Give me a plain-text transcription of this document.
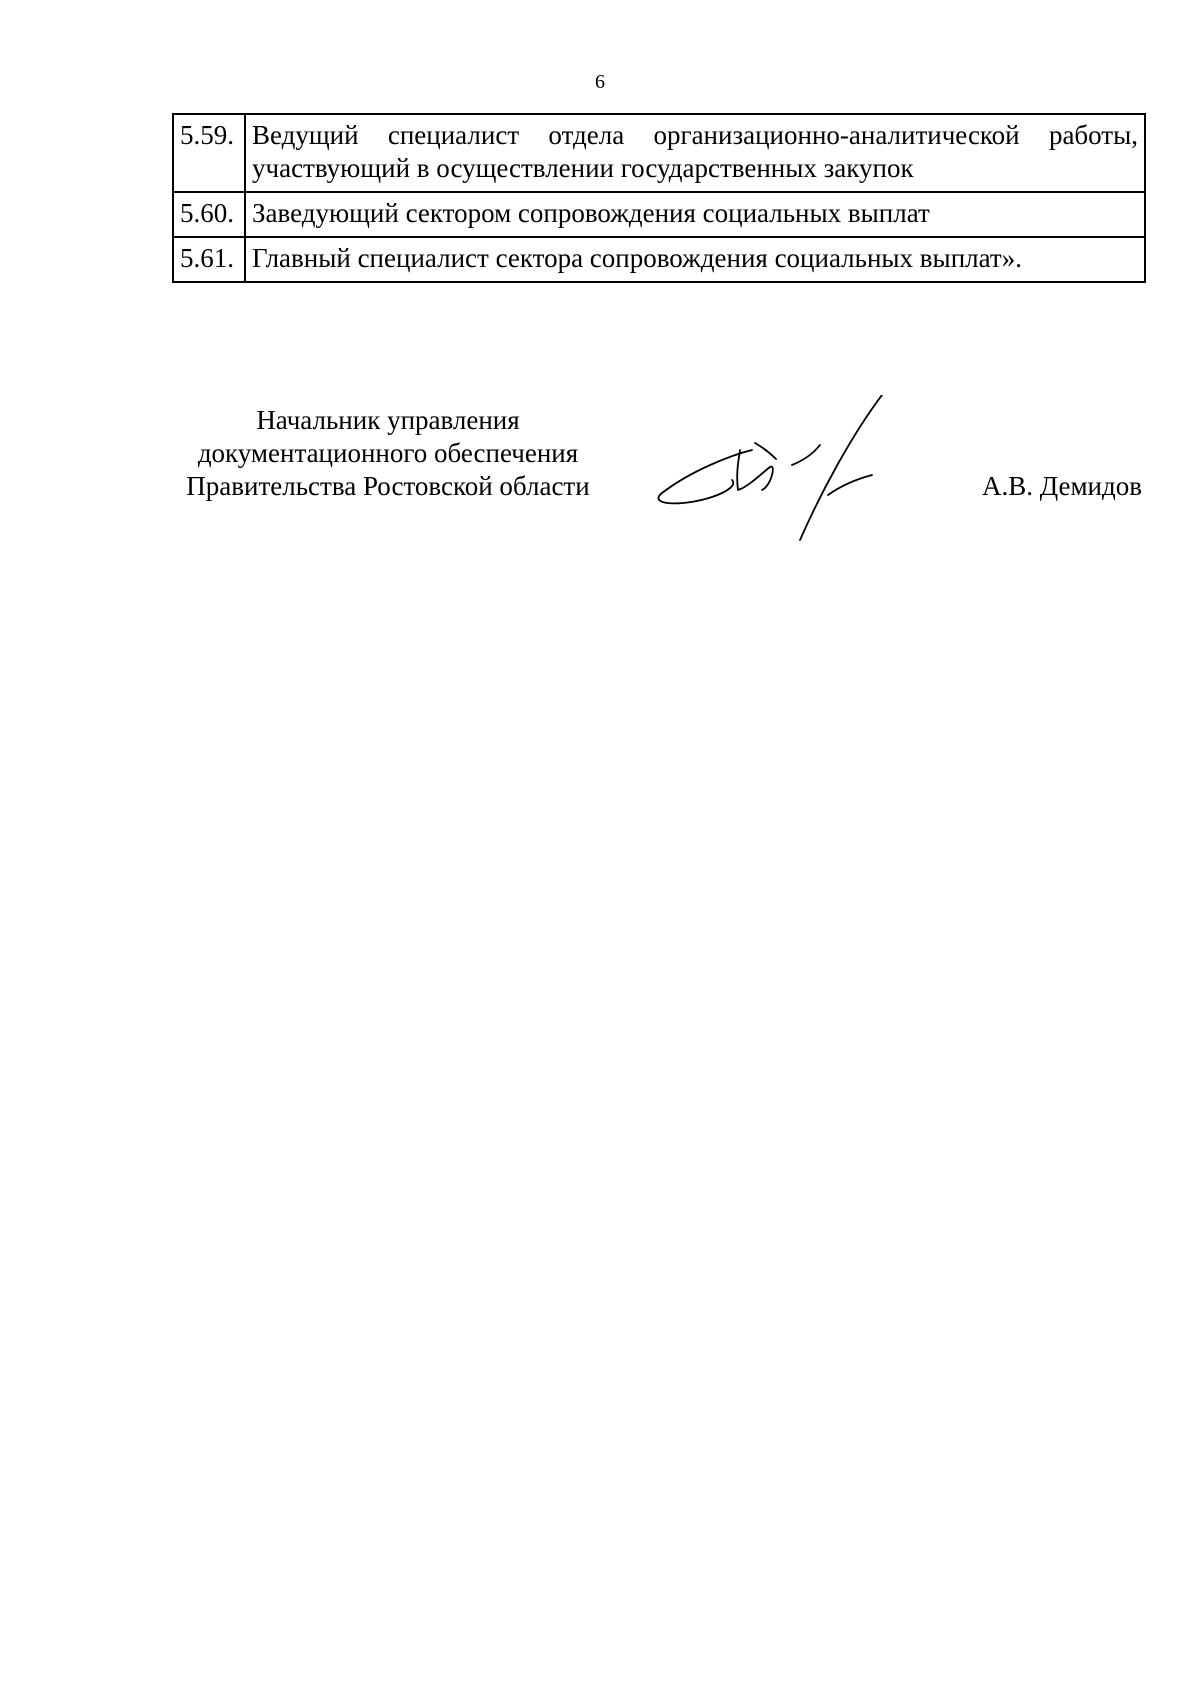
6
5.59.	Ведущий специалист отдела организационно-аналитической работы, участвующий в осуществлении государственных закупок
5.60.	Заведующий сектором сопровождения социальных выплат
5.61.	Главный специалист сектора сопровождения социальных выплат».
Начальник управления
документационного обеспечения
Правительства Ростовской области	А.В. Демидов
